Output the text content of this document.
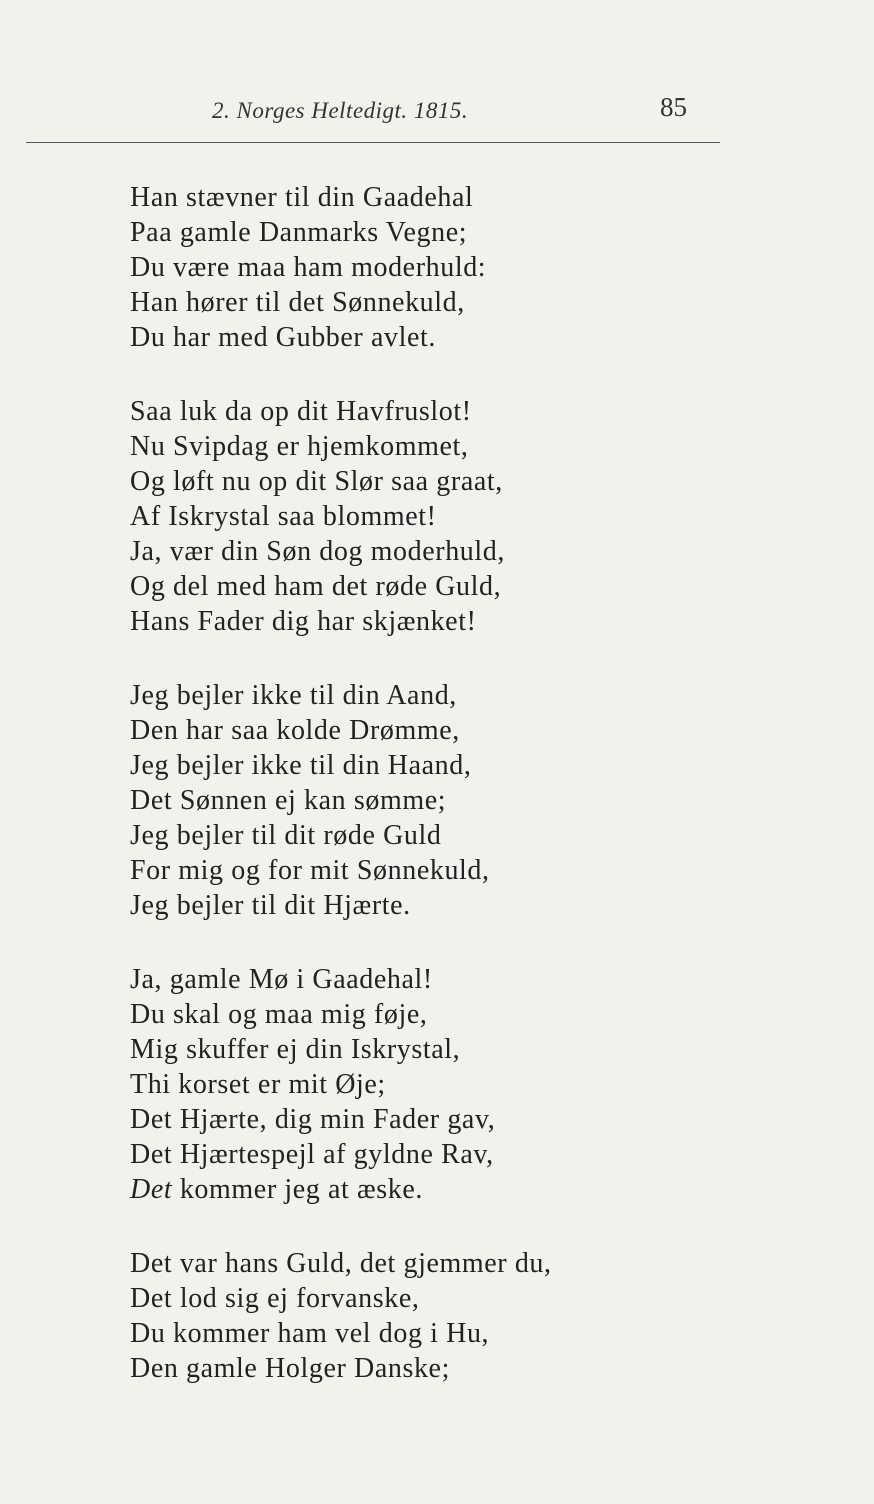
2. Norges Heltedigt. 1815.	85
Han stævner til din Gaadehal
Paa gamle Danmarks Vegne;
Du være maa ham moderhuld:
Han hører til det Sønnekuld,
Du har med Gubber avlet.
Saa luk da op dit Havfruslot!
Nu Svipdag er hjemkommet,
Og løft nu op dit Slør saa graat,
Af Iskrystal saa blommet!
Ja, vær din Søn dog moderhuld,
Og del med ham det røde Guld,
Hans Fader dig har skjænket!
Jeg bejler ikke til din Aand,
Den har saa kolde Drømme,
Jeg bejler ikke til din Haand,
Det Sønnen ej kan sømme;
Jeg bejler til dit røde Guld
For mig og for mit Sønnekuld,
Jeg bejler til dit Hjærte.
Ja, gamle Mø i Gaadehal!
Du skal og maa mig føje,
Mig skuffer ej din Iskrystal,
Thi korset er mit Øje;
Det Hjærte, dig min Fader gav,
Det Hjærtespejl af gyldne Rav,
Det kommer jeg at æske.
Det var hans Guld, det gjemmer du,
Det lod sig ej forvanske,
Du kommer ham vel dog i Hu,
Den gamle Holger Danske;
